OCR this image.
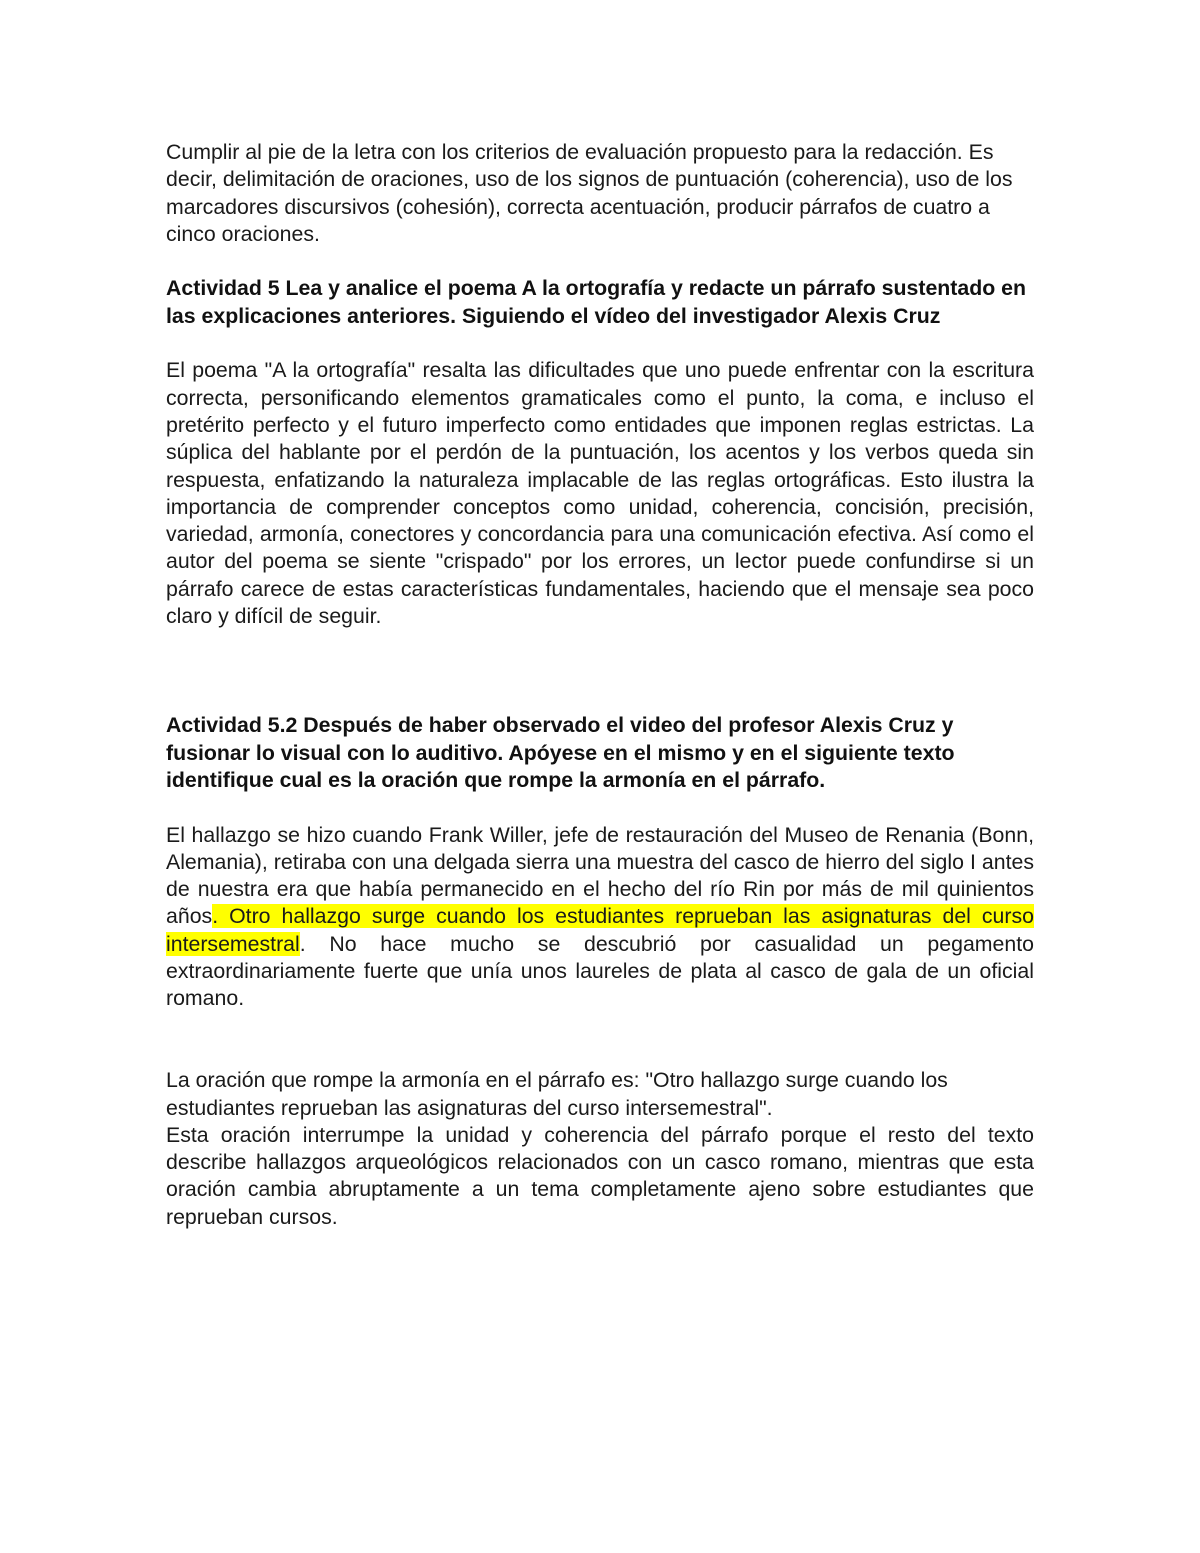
Cumplir al pie de la letra con los criterios de evaluación propuesto para la redacción. Es decir, delimitación de oraciones, uso de los signos de puntuación (coherencia), uso de los marcadores discursivos (cohesión), correcta acentuación, producir párrafos de cuatro a cinco oraciones.

Actividad 5 Lea y analice el poema A la ortografía y redacte un párrafo sustentado en las explicaciones anteriores. Siguiendo el vídeo del investigador Alexis Cruz

El poema "A la ortografía" resalta las dificultades que uno puede enfrentar con la escritura correcta, personificando elementos gramaticales como el punto, la coma, e incluso el pretérito perfecto y el futuro imperfecto como entidades que imponen reglas estrictas. La súplica del hablante por el perdón de la puntuación, los acentos y los verbos queda sin respuesta, enfatizando la naturaleza implacable de las reglas ortográficas. Esto ilustra la importancia de comprender conceptos como unidad, coherencia, concisión, precisión, variedad, armonía, conectores y concordancia para una comunicación efectiva. Así como el autor del poema se siente "crispado" por los errores, un lector puede confundirse si un párrafo carece de estas características fundamentales, haciendo que el mensaje sea poco claro y difícil de seguir.

Actividad 5.2 Después de haber observado el video del profesor Alexis Cruz y fusionar lo visual con lo auditivo. Apóyese en el mismo y en el siguiente texto identifique cual es la oración que rompe la armonía en el párrafo.

El hallazgo se hizo cuando Frank Willer, jefe de restauración del Museo de Renania (Bonn, Alemania), retiraba con una delgada sierra una muestra del casco de hierro del siglo I antes de nuestra era que había permanecido en el hecho del río Rin por más de mil quinientos años. Otro hallazgo surge cuando los estudiantes reprueban las asignaturas del curso intersemestral. No hace mucho se descubrió por casualidad un pegamento extraordinariamente fuerte que unía unos laureles de plata al casco de gala de un oficial romano.

La oración que rompe la armonía en el párrafo es: "Otro hallazgo surge cuando los estudiantes reprueban las asignaturas del curso intersemestral".

Esta oración interrumpe la unidad y coherencia del párrafo porque el resto del texto describe hallazgos arqueológicos relacionados con un casco romano, mientras que esta oración cambia abruptamente a un tema completamente ajeno sobre estudiantes que reprueban cursos.
